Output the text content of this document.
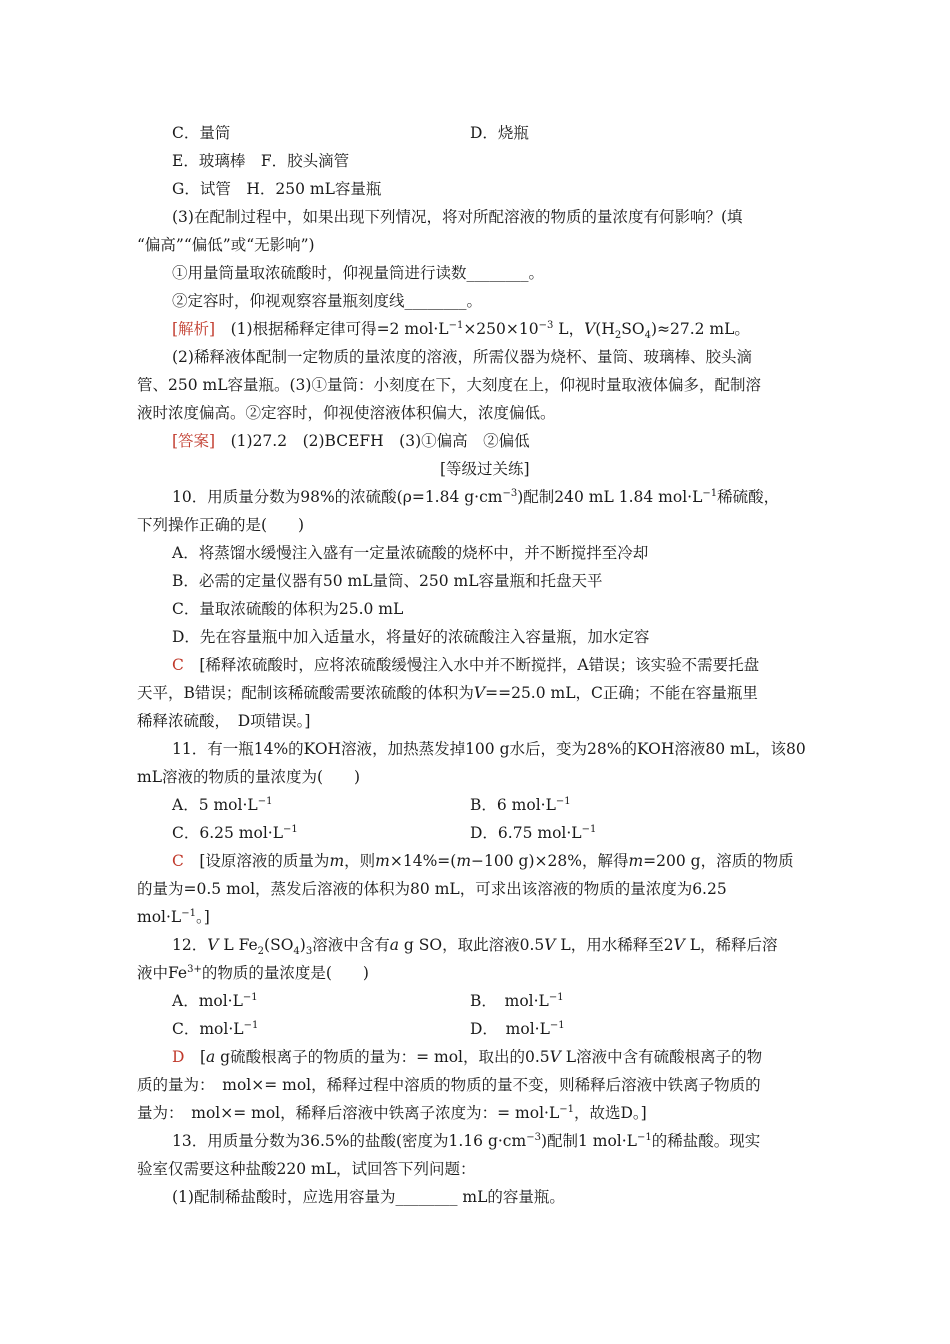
C．量筒	D．烧瓶
E．玻璃棒　F．胶头滴管
G．试管　H．250 mL容量瓶
(3)在配制过程中，如果出现下列情况，将对所配溶液的物质的量浓度有何影响？(填
“偏高”“偏低”或“无影响”)
①用量筒量取浓硫酸时，仰视量筒进行读数________。
②定容时，仰视观察容量瓶刻度线________。
[解析]　(1)根据稀释定律可得=2 $mol\cdot L^{-1}\times 250\times 10^{-3}$ L，$V(H_2SO_4)\approx 27.2$ mL。
(2)稀释液体配制一定物质的量浓度的溶液，所需仪器为烧杯、量筒、玻璃棒、胶头滴
管、250 mL容量瓶。(3)①量筒：小刻度在下，大刻度在上，仰视时量取液体偏多，配制溶
液时浓度偏高。②定容时，仰视使溶液体积偏大，浓度偏低。
[答案]　(1)27.2　(2)BCEFH　(3)①偏高　②偏低
[等级过关练]
10．用质量分数为98%的浓硫酸(ρ=1.84 $g\cdot cm^{-3}$)配制240 mL 1.84 $mol\cdot L^{-1}$稀硫酸，
下列操作正确的是(　　)
A．将蒸馏水缓慢注入盛有一定量浓硫酸的烧杯中，并不断搅拌至冷却
B．必需的定量仪器有50 mL量筒、250 mL容量瓶和托盘天平
C．量取浓硫酸的体积为25.0 mL
D．先在容量瓶中加入适量水，将量好的浓硫酸注入容量瓶，加水定容
C　[稀释浓硫酸时，应将浓硫酸缓慢注入水中并不断搅拌，A错误；该实验不需要托盘
天平，B错误；配制该稀硫酸需要浓硫酸的体积为V==25.0 mL，C正确；不能在容量瓶里
稀释浓硫酸，　D项错误。]
11．有一瓶14%的KOH溶液，加热蒸发掉100 g水后，变为28%的KOH溶液80 mL，该80
mL溶液的物质的量浓度为(　　)
A．5 $mol\cdot L^{-1}$	B．6 $mol\cdot L^{-1}$
C．6.25 $mol\cdot L^{-1}$	D．6.75 $mol\cdot L^{-1}$
C　[设原溶液的质量为m，则m×14%=(m−100 g)×28%，解得m=200 g，溶质的物质
的量为=0.5 mol，蒸发后溶液的体积为80 mL，可求出该溶液的物质的量浓度为6.25
$mol\cdot L^{-1}$。]
12．V L $Fe_2(SO_4)_3$溶液中含有a g SO，取此溶液0.5V L，用水稀释至2V L，稀释后溶
液中$Fe^{3+}$的物质的量浓度是(　　)
A．$mol\cdot L^{-1}$	B．　$mol\cdot L^{-1}$
C．$mol\cdot L^{-1}$	D．　$mol\cdot L^{-1}$
D　[a g硫酸根离子的物质的量为：= mol，取出的0.5V L溶液中含有硫酸根离子的物
质的量为：　mol×= mol，稀释过程中溶质的物质的量不变，则稀释后溶液中铁离子物质的
量为：　mol×= mol，稀释后溶液中铁离子浓度为：= $mol\cdot L^{-1}$，故选D。]
13．用质量分数为36.5%的盐酸(密度为1.16 $g\cdot cm^{-3}$)配制1 $mol\cdot L^{-1}$的稀盐酸。现实
验室仅需要这种盐酸220 mL，试回答下列问题：
(1)配制稀盐酸时，应选用容量为________ mL的容量瓶。
